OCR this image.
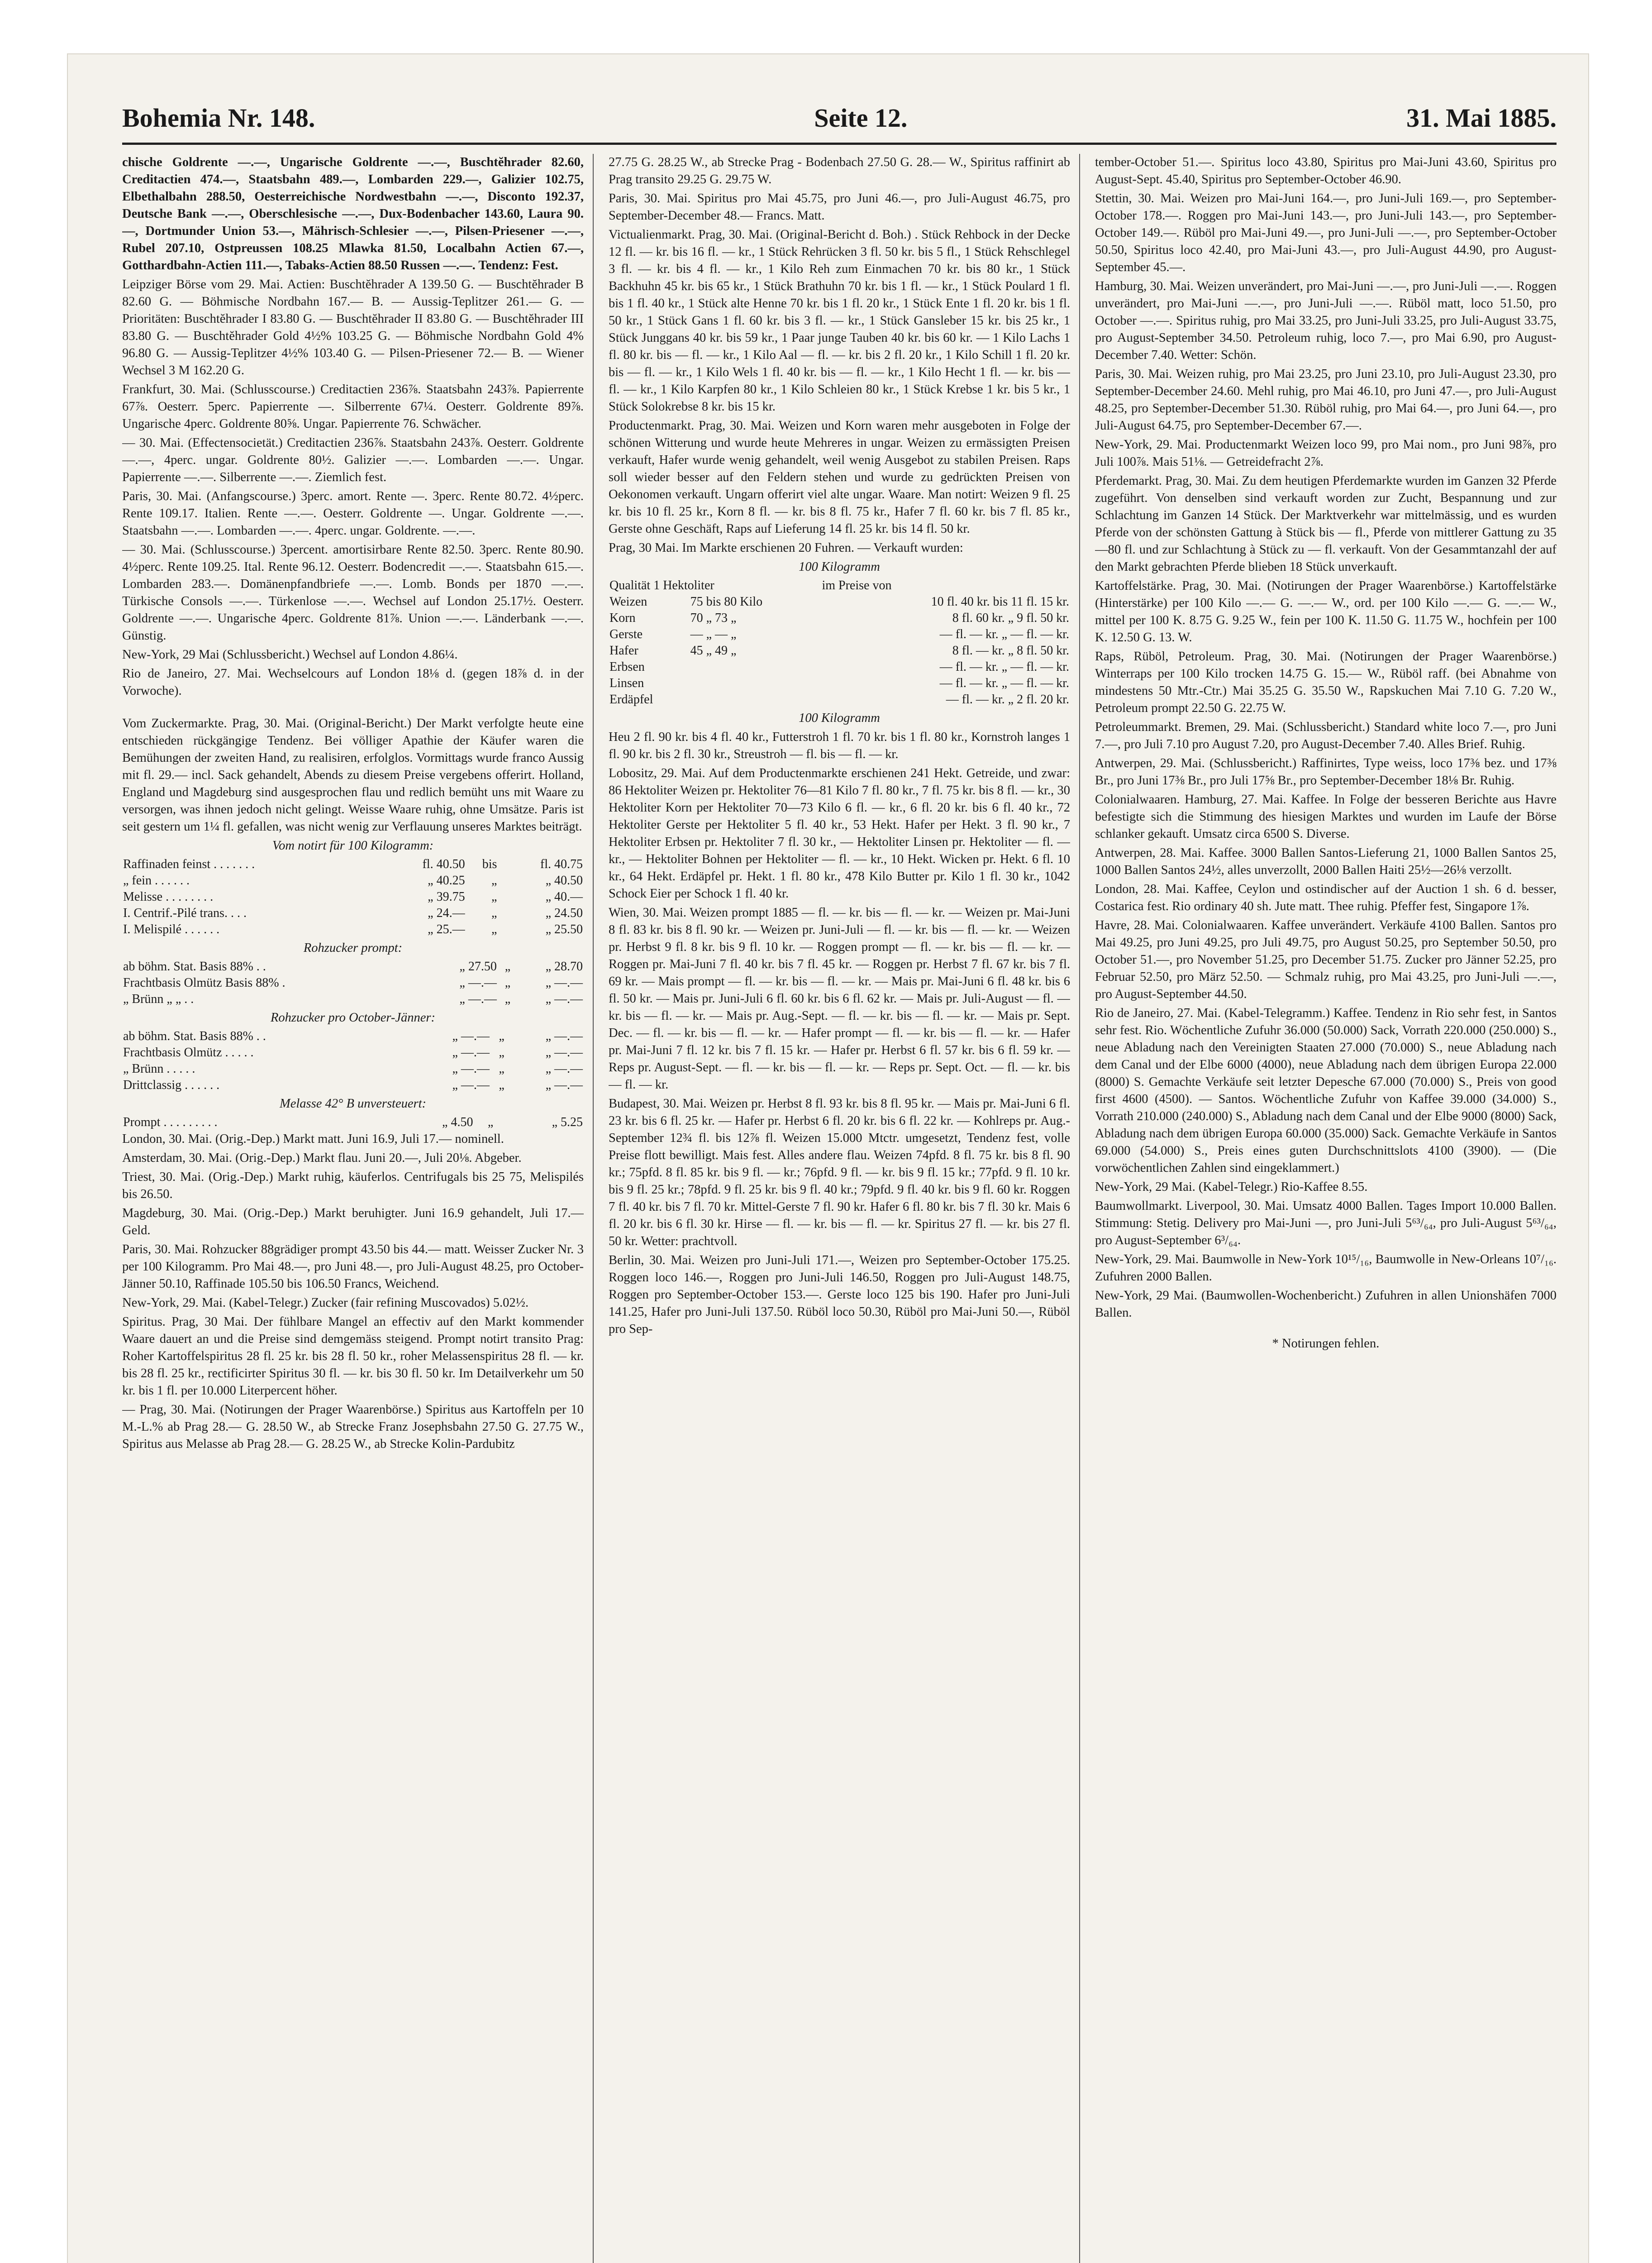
Bohemia Nr. 148.	Seite 12.	31. Mai 1885.

chische Goldrente —.—, Ungarische Goldrente —.—, Buschtĕhrader 82.60, Creditactien 474.—, Staatsbahn 489.—, Lombarden 229.—, Galizier 102.75, Elbethalbahn 288.50, Oesterreichische Nordwestbahn —.—, Disconto 192.37, Deutsche Bank —.—, Oberschlesische —.—, Dux-Bodenbacher 143.60, Laura 90.—, Dortmunder Union 53.—, Mährisch-Schlesier —.—, Pilsen-Priesener —.—, Rubel 207.10, Ostpreussen 108.25 Mlawka 81.50, Localbahn Actien 67.—, Gotthardbahn-Actien 111.—, Tabaks-Actien 88.50 Russen —.—. Tendenz: Fest.

Leipziger Börse vom 29. Mai. Actien: Buschtĕhrader A 139.50 G. — Buschtĕhrader B 82.60 G. — Böhmische Nordbahn 167.— B. — Aussig-Teplitzer 261.— G. — Prioritäten: Buschtĕhrader I 83.80 G. — Buschtĕhrader II 83.80 G. — Buschtĕhrader III 83.80 G. — Buschtĕhrader Gold 4½% 103.25 G. — Böhmische Nordbahn Gold 4% 96.80 G. — Aussig-Teplitzer 4½% 103.40 G. — Pilsen-Priesener 72.— B. — Wiener Wechsel 3 M 162.20 G.

Frankfurt, 30. Mai. (Schlusscourse.) Creditactien 236⅞. Staatsbahn 243⅞. Papierrente 67⅞. Oesterr. 5perc. Papierrente —. Silberrente 67¼. Oesterr. Goldrente 89⅞. Ungarische 4perc. Goldrente 80⅝. Ungar. Papierrente 76. Schwächer.

— 30. Mai. (Effectensocietät.) Creditactien 236⅞. Staatsbahn 243⅞. Oesterr. Goldrente —.—, 4perc. ungar. Goldrente 80½. Galizier —.—. Lombarden —.—. Ungar. Papierrente —.—. Silberrente —.—. Ziemlich fest.

Paris, 30. Mai. (Anfangscourse.) 3perc. amort. Rente —. 3perc. Rente 80.72. 4½perc. Rente 109.17. Italien. Rente —.—. Oesterr. Goldrente —. Ungar. Goldrente —.—. Staatsbahn —.—. Lombarden —.—. 4perc. ungar. Goldrente. —.—.

— 30. Mai. (Schlusscourse.) 3percent. amortisirbare Rente 82.50. 3perc. Rente 80.90. 4½perc. Rente 109.25. Ital. Rente 96.12. Oesterr. Bodencredit —.—. Staatsbahn 615.—. Lombarden 283.—. Domänenpfandbriefe —.—. Lomb. Bonds per 1870 —.—. Türkische Consols —.—. Türkenlose —.—. Wechsel auf London 25.17½. Oesterr. Goldrente —.—. Ungarische 4perc. Goldrente 81⅞. Union —.—. Länderbank —.—. Günstig.

New-York, 29 Mai (Schlussbericht.) Wechsel auf London 4.86¼.

Rio de Janeiro, 27. Mai. Wechselcours auf London 18⅛ d. (gegen 18⅞ d. in der Vorwoche).

Vom Zuckermarkte. Prag, 30. Mai. (Original-Bericht.) Der Markt verfolgte heute eine entschieden rückgängige Tendenz. Bei völliger Apathie der Käufer waren die Bemühungen der zweiten Hand, zu realisiren, erfolglos. Vormittags wurde franco Aussig mit fl. 29.— incl. Sack gehandelt, Abends zu diesem Preise vergebens offerirt. Holland, England und Magdeburg sind ausgesprochen flau und redlich bemüht uns mit Waare zu versorgen, was ihnen jedoch nicht gelingt. Weisse Waare ruhig, ohne Umsätze. Paris ist seit gestern um 1¼ fl. gefallen, was nicht wenig zur Verflauung unseres Marktes beiträgt.

Vom notirt für 100 Kilogramm:

Raffinaden feinst . . . . . . .	fl. 40.50	bis	fl. 40.75
„ fein . . . . . .	„ 40.25	„	„ 40.50
Melisse . . . . . . . .	„ 39.75	„	„ 40.—
I. Centrif.-Pilé trans. . . .	„ 24.—	„	„ 24.50
I. Melispilé . . . . . .	„ 25.—	„	„ 25.50

Rohzucker prompt:

ab böhm. Stat. Basis 88% . .	„ 27.50	„	„ 28.70
Frachtbasis Olmütz Basis 88% .	„ —.—	„	„ —.—
„ Brünn „ „ . .	„ —.—	„	„ —.—

Rohzucker pro October-Jänner:

ab böhm. Stat. Basis 88% . .	„ —.—	„	„ —.—
Frachtbasis Olmütz . . . . .	„ —.—	„	„ —.—
„ Brünn . . . . .	„ —.—	„	„ —.—
Drittclassig . . . . . .	„ —.—	„	„ —.—

Melasse 42° B unversteuert:

Prompt . . . . . . . . .	„ 4.50	„	„ 5.25

London, 30. Mai. (Orig.-Dep.) Markt matt. Juni 16.9, Juli 17.— nominell.

Amsterdam, 30. Mai. (Orig.-Dep.) Markt flau. Juni 20.—, Juli 20⅛. Abgeber.

Triest, 30. Mai. (Orig.-Dep.) Markt ruhig, käuferlos. Centrifugals bis 25 75, Melispilés bis 26.50.

Magdeburg, 30. Mai. (Orig.-Dep.) Markt beruhigter. Juni 16.9 gehandelt, Juli 17.— Geld.

Paris, 30. Mai. Rohzucker 88grädiger prompt 43.50 bis 44.— matt. Weisser Zucker Nr. 3 per 100 Kilogramm. Pro Mai 48.—, pro Juni 48.—, pro Juli-August 48.25, pro October-Jänner 50.10, Raffinade 105.50 bis 106.50 Francs, Weichend.

New-York, 29. Mai. (Kabel-Telegr.) Zucker (fair refining Muscovados) 5.02½.

Spiritus. Prag, 30 Mai. Der fühlbare Mangel an effectiv auf den Markt kommender Waare dauert an und die Preise sind demgemäss steigend. Prompt notirt transito Prag: Roher Kartoffelspiritus 28 fl. 25 kr. bis 28 fl. 50 kr., roher Melassenspiritus 28 fl. — kr. bis 28 fl. 25 kr., rectificirter Spiritus 30 fl. — kr. bis 30 fl. 50 kr. Im Detailverkehr um 50 kr. bis 1 fl. per 10.000 Literpercent höher.

— Prag, 30. Mai. (Notirungen der Prager Waarenbörse.) Spiritus aus Kartoffeln per 10 M.-L.% ab Prag 28.— G. 28.50 W., ab Strecke Franz Josephsbahn 27.50 G. 27.75 W., Spiritus aus Melasse ab Prag 28.— G. 28.25 W., ab Strecke Kolin-Pardubitz

27.75 G. 28.25 W., ab Strecke Prag - Bodenbach 27.50 G. 28.— W., Spiritus raffinirt ab Prag transito 29.25 G. 29.75 W.

Paris, 30. Mai. Spiritus pro Mai 45.75, pro Juni 46.—, pro Juli-August 46.75, pro September-December 48.— Francs. Matt.

Victualienmarkt. Prag, 30. Mai. (Original-Bericht d. Boh.) . Stück Rehbock in der Decke 12 fl. — kr. bis 16 fl. — kr., 1 Stück Rehrücken 3 fl. 50 kr. bis 5 fl., 1 Stück Rehschlegel 3 fl. — kr. bis 4 fl. — kr., 1 Kilo Reh zum Einmachen 70 kr. bis 80 kr., 1 Stück Backhuhn 45 kr. bis 65 kr., 1 Stück Brathuhn 70 kr. bis 1 fl. — kr., 1 Stück Poulard 1 fl. bis 1 fl. 40 kr., 1 Stück alte Henne 70 kr. bis 1 fl. 20 kr., 1 Stück Ente 1 fl. 20 kr. bis 1 fl. 50 kr., 1 Stück Gans 1 fl. 60 kr. bis 3 fl. — kr., 1 Stück Gansleber 15 kr. bis 25 kr., 1 Stück Junggans 40 kr. bis 59 kr., 1 Paar junge Tauben 40 kr. bis 60 kr. — 1 Kilo Lachs 1 fl. 80 kr. bis — fl. — kr., 1 Kilo Aal — fl. — kr. bis 2 fl. 20 kr., 1 Kilo Schill 1 fl. 20 kr. bis — fl. — kr., 1 Kilo Wels 1 fl. 40 kr. bis — fl. — kr., 1 Kilo Hecht 1 fl. — kr. bis — fl. — kr., 1 Kilo Karpfen 80 kr., 1 Kilo Schleien 80 kr., 1 Stück Krebse 1 kr. bis 5 kr., 1 Stück Solokrebse 8 kr. bis 15 kr.

Productenmarkt. Prag, 30. Mai. Weizen und Korn waren mehr ausgeboten in Folge der schönen Witterung und wurde heute Mehreres in ungar. Weizen zu ermässigten Preisen verkauft, Hafer wurde wenig gehandelt, weil wenig Ausgebot zu stabilen Preisen. Raps soll wieder besser auf den Feldern stehen und wurde zu gedrückten Preisen von Oekonomen verkauft. Ungarn offerirt viel alte ungar. Waare. Man notirt: Weizen 9 fl. 25 kr. bis 10 fl. 25 kr., Korn 8 fl. — kr. bis 8 fl. 75 kr., Hafer 7 fl. 60 kr. bis 7 fl. 85 kr., Gerste ohne Geschäft, Raps auf Lieferung 14 fl. 25 kr. bis 14 fl. 50 kr.

Prag, 30 Mai. Im Markte erschienen 20 Fuhren. — Verkauft wurden:

100 Kilogramm

Qualität 1 Hektoliter		im Preise von
Weizen	75 bis 80 Kilo	10 fl. 40 kr. bis 11 fl. 15 kr.
Korn	70 „ 73 „	8 fl. 60 kr. „ 9 fl. 50 kr.
Gerste	— „ — „	— fl. — kr. „ — fl. — kr.
Hafer	45 „ 49 „	8 fl. — kr. „ 8 fl. 50 kr.
Erbsen		— fl. — kr. „ — fl. — kr.
Linsen		— fl. — kr. „ — fl. — kr.
Erdäpfel		— fl. — kr. „ 2 fl. 20 kr.

100 Kilogramm

Heu 2 fl. 90 kr. bis 4 fl. 40 kr., Futterstroh 1 fl. 70 kr. bis 1 fl. 80 kr., Kornstroh langes 1 fl. 90 kr. bis 2 fl. 30 kr., Streustroh — fl. bis — fl. — kr.

Lobositz, 29. Mai. Auf dem Productenmarkte erschienen 241 Hekt. Getreide, und zwar: 86 Hektoliter Weizen pr. Hektoliter 76—81 Kilo 7 fl. 80 kr., 7 fl. 75 kr. bis 8 fl. — kr., 30 Hektoliter Korn per Hektoliter 70—73 Kilo 6 fl. — kr., 6 fl. 20 kr. bis 6 fl. 40 kr., 72 Hektoliter Gerste per Hektoliter 5 fl. 40 kr., 53 Hekt. Hafer per Hekt. 3 fl. 90 kr., 7 Hektoliter Erbsen pr. Hektoliter 7 fl. 30 kr., — Hektoliter Linsen pr. Hektoliter — fl. — kr., — Hektoliter Bohnen per Hektoliter — fl. — kr., 10 Hekt. Wicken pr. Hekt. 6 fl. 10 kr., 64 Hekt. Erdäpfel pr. Hekt. 1 fl. 80 kr., 478 Kilo Butter pr. Kilo 1 fl. 30 kr., 1042 Schock Eier per Schock 1 fl. 40 kr.

Wien, 30. Mai. Weizen prompt 1885 — fl. — kr. bis — fl. — kr. — Weizen pr. Mai-Juni 8 fl. 83 kr. bis 8 fl. 90 kr. — Weizen pr. Juni-Juli — fl. — kr. bis — fl. — kr. — Weizen pr. Herbst 9 fl. 8 kr. bis 9 fl. 10 kr. — Roggen prompt — fl. — kr. bis — fl. — kr. — Roggen pr. Mai-Juni 7 fl. 40 kr. bis 7 fl. 45 kr. — Roggen pr. Herbst 7 fl. 67 kr. bis 7 fl. 69 kr. — Mais prompt — fl. — kr. bis — fl. — kr. — Mais pr. Mai-Juni 6 fl. 48 kr. bis 6 fl. 50 kr. — Mais pr. Juni-Juli 6 fl. 60 kr. bis 6 fl. 62 kr. — Mais pr. Juli-August — fl. — kr. bis — fl. — kr. — Mais pr. Aug.-Sept. — fl. — kr. bis — fl. — kr. — Mais pr. Sept. Dec. — fl. — kr. bis — fl. — kr. — Hafer prompt — fl. — kr. bis — fl. — kr. — Hafer pr. Mai-Juni 7 fl. 12 kr. bis 7 fl. 15 kr. — Hafer pr. Herbst 6 fl. 57 kr. bis 6 fl. 59 kr. — Reps pr. August-Sept. — fl. — kr. bis — fl. — kr. — Reps pr. Sept. Oct. — fl. — kr. bis — fl. — kr.

Budapest, 30. Mai. Weizen pr. Herbst 8 fl. 93 kr. bis 8 fl. 95 kr. — Mais pr. Mai-Juni 6 fl. 23 kr. bis 6 fl. 25 kr. — Hafer pr. Herbst 6 fl. 20 kr. bis 6 fl. 22 kr. — Kohlreps pr. Aug.-September 12¾ fl. bis 12⅞ fl. Weizen 15.000 Mtctr. umgesetzt, Tendenz fest, volle Preise flott bewilligt. Mais fest. Alles andere flau. Weizen 74pfd. 8 fl. 75 kr. bis 8 fl. 90 kr.; 75pfd. 8 fl. 85 kr. bis 9 fl. — kr.; 76pfd. 9 fl. — kr. bis 9 fl. 15 kr.; 77pfd. 9 fl. 10 kr. bis 9 fl. 25 kr.; 78pfd. 9 fl. 25 kr. bis 9 fl. 40 kr.; 79pfd. 9 fl. 40 kr. bis 9 fl. 60 kr. Roggen 7 fl. 40 kr. bis 7 fl. 70 kr. Mittel-Gerste 7 fl. 90 kr. Hafer 6 fl. 80 kr. bis 7 fl. 30 kr. Mais 6 fl. 20 kr. bis 6 fl. 30 kr. Hirse — fl. — kr. bis — fl. — kr. Spiritus 27 fl. — kr. bis 27 fl. 50 kr. Wetter: prachtvoll.

Berlin, 30. Mai. Weizen pro Juni-Juli 171.—, Weizen pro September-October 175.25. Roggen loco 146.—, Roggen pro Juni-Juli 146.50, Roggen pro Juli-August 148.75, Roggen pro September-October 153.—. Gerste loco 125 bis 190. Hafer pro Juni-Juli 141.25, Hafer pro Juni-Juli 137.50. Rüböl loco 50.30, Rüböl pro Mai-Juni 50.—, Rüböl pro Sep-

tember-October 51.—. Spiritus loco 43.80, Spiritus pro Mai-Juni 43.60, Spiritus pro August-Sept. 45.40, Spiritus pro September-October 46.90.

Stettin, 30. Mai. Weizen pro Mai-Juni 164.—, pro Juni-Juli 169.—, pro September-October 178.—. Roggen pro Mai-Juni 143.—, pro Juni-Juli 143.—, pro September-October 149.—. Rüböl pro Mai-Juni 49.—, pro Juni-Juli —.—, pro September-October 50.50, Spiritus loco 42.40, pro Mai-Juni 43.—, pro Juli-August 44.90, pro August-September 45.—.

Hamburg, 30. Mai. Weizen unverändert, pro Mai-Juni —.—, pro Juni-Juli —.—. Roggen unverändert, pro Mai-Juni —.—, pro Juni-Juli —.—. Rüböl matt, loco 51.50, pro October —.—. Spiritus ruhig, pro Mai 33.25, pro Juni-Juli 33.25, pro Juli-August 33.75, pro August-September 34.50. Petroleum ruhig, loco 7.—, pro Mai 6.90, pro August-December 7.40. Wetter: Schön.

Paris, 30. Mai. Weizen ruhig, pro Mai 23.25, pro Juni 23.10, pro Juli-August 23.30, pro September-December 24.60. Mehl ruhig, pro Mai 46.10, pro Juni 47.—, pro Juli-August 48.25, pro September-December 51.30. Rüböl ruhig, pro Mai 64.—, pro Juni 64.—, pro Juli-August 64.75, pro September-December 67.—.

New-York, 29. Mai. Productenmarkt Weizen loco 99, pro Mai nom., pro Juni 98⅞, pro Juli 100⅞. Mais 51⅛. — Getreidefracht 2⅞.

Pferdemarkt. Prag, 30. Mai. Zu dem heutigen Pferdemarkte wurden im Ganzen 32 Pferde zugeführt. Von denselben sind verkauft worden zur Zucht, Bespannung und zur Schlachtung im Ganzen 14 Stück. Der Marktverkehr war mittelmässig, und es wurden Pferde von der schönsten Gattung à Stück bis — fl., Pferde von mittlerer Gattung zu 35—80 fl. und zur Schlachtung à Stück zu — fl. verkauft. Von der Gesammtanzahl der auf den Markt gebrachten Pferde blieben 18 Stück unverkauft.

Kartoffelstärke. Prag, 30. Mai. (Notirungen der Prager Waarenbörse.) Kartoffelstärke (Hinterstärke) per 100 Kilo —.— G. —.— W., ord. per 100 Kilo —.— G. —.— W., mittel per 100 K. 8.75 G. 9.25 W., fein per 100 K. 11.50 G. 11.75 W., hochfein per 100 K. 12.50 G. 13. W.

Raps, Rüböl, Petroleum. Prag, 30. Mai. (Notirungen der Prager Waarenbörse.) Winterraps per 100 Kilo trocken 14.75 G. 15.— W., Rüböl raff. (bei Abnahme von mindestens 50 Mtr.-Ctr.) Mai 35.25 G. 35.50 W., Rapskuchen Mai 7.10 G. 7.20 W., Petroleum prompt 22.50 G. 22.75 W.

Petroleummarkt. Bremen, 29. Mai. (Schlussbericht.) Standard white loco 7.—, pro Juni 7.—, pro Juli 7.10 pro August 7.20, pro August-December 7.40. Alles Brief. Ruhig.

Antwerpen, 29. Mai. (Schlussbericht.) Raffinirtes, Type weiss, loco 17⅜ bez. und 17⅜ Br., pro Juni 17⅜ Br., pro Juli 17⅝ Br., pro September-December 18⅛ Br. Ruhig.

Colonialwaaren. Hamburg, 27. Mai. Kaffee. In Folge der besseren Berichte aus Havre befestigte sich die Stimmung des hiesigen Marktes und wurden im Laufe der Börse schlanker gekauft. Umsatz circa 6500 S. Diverse.

Antwerpen, 28. Mai. Kaffee. 3000 Ballen Santos-Lieferung 21, 1000 Ballen Santos 25, 1000 Ballen Santos 24½, alles unverzollt, 2000 Ballen Haiti 25½—26⅛ verzollt.

London, 28. Mai. Kaffee, Ceylon und ostindischer auf der Auction 1 sh. 6 d. besser, Costarica fest. Rio ordinary 40 sh. Jute matt. Thee ruhig. Pfeffer fest, Singapore 1⅞.

Havre, 28. Mai. Colonialwaaren. Kaffee unverändert. Verkäufe 4100 Ballen. Santos pro Mai 49.25, pro Juni 49.25, pro Juli 49.75, pro August 50.25, pro September 50.50, pro October 51.—, pro November 51.25, pro December 51.75. Zucker pro Jänner 52.25, pro Februar 52.50, pro März 52.50. — Schmalz ruhig, pro Mai 43.25, pro Juni-Juli —.—, pro August-September 44.50.

Rio de Janeiro, 27. Mai. (Kabel-Telegramm.) Kaffee. Tendenz in Rio sehr fest, in Santos sehr fest. Rio. Wöchentliche Zufuhr 36.000 (50.000) Sack, Vorrath 220.000 (250.000) S., neue Abladung nach den Vereinigten Staaten 27.000 (70.000) S., neue Abladung nach dem Canal und der Elbe 6000 (4000), neue Abladung nach dem übrigen Europa 22.000 (8000) S. Gemachte Verkäufe seit letzter Depesche 67.000 (70.000) S., Preis von good first 4600 (4500). — Santos. Wöchentliche Zufuhr von Kaffee 39.000 (34.000) S., Vorrath 210.000 (240.000) S., Abladung nach dem Canal und der Elbe 9000 (8000) Sack, Abladung nach dem übrigen Europa 60.000 (35.000) Sack. Gemachte Verkäufe in Santos 69.000 (54.000) S., Preis eines guten Durchschnittslots 4100 (3900). — (Die vorwöchentlichen Zahlen sind eingeklammert.)

New-York, 29 Mai. (Kabel-Telegr.) Rio-Kaffee 8.55.

Baumwollmarkt. Liverpool, 30. Mai. Umsatz 4000 Ballen. Tages Import 10.000 Ballen. Stimmung: Stetig. Delivery pro Mai-Juni —, pro Juni-Juli 5⁶³/₆₄, pro Juli-August 5⁶³/₆₄, pro August-September 6³/₆₄.

New-York, 29. Mai. Baumwolle in New-York 10¹⁵/₁₆, Baumwolle in New-Orleans 10⁷/₁₆. Zufuhren 2000 Ballen.

New-York, 29 Mai. (Baumwollen-Wochenbericht.) Zufuhren in allen Unionshäfen 7000 Ballen.

* Notirungen fehlen.
